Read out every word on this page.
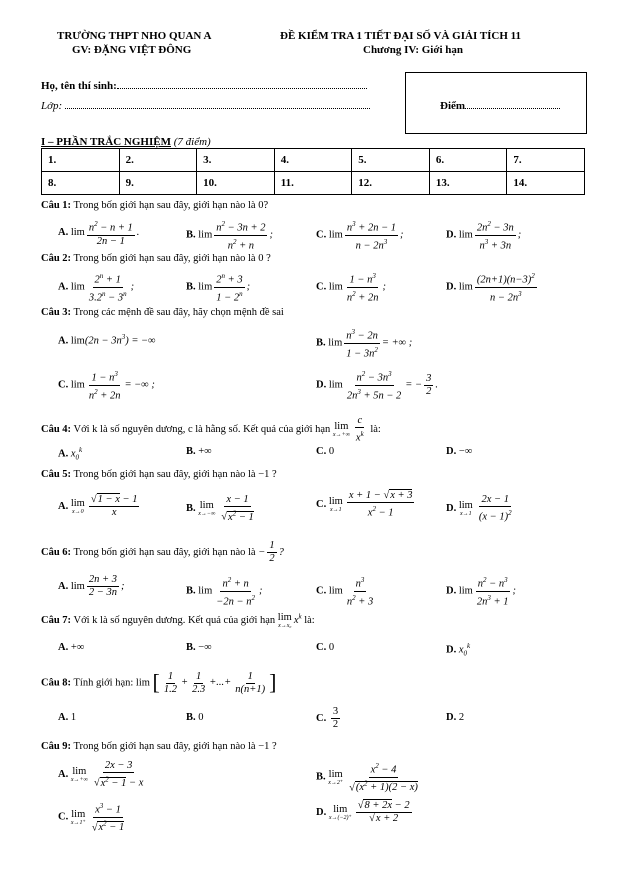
TRƯỜNG THPT NHO QUAN A
GV: ĐẶNG VIỆT ĐÔNG
ĐỀ KIỂM TRA 1 TIẾT ĐẠI SỐ VÀ GIẢI TÍCH 11
Chương IV: Giới hạn
Họ, tên thí sinh:
Lớp:	Điểm
I – PHẦN TRẮC NGHIỆM (7 điểm)
1.	2.	3.	4.	5.	6.	7.
8.	9.	10.	11.	12.	13.	14.
Câu 1: Trong bốn giới hạn sau đây, giới hạn nào là 0?
A. $\lim \frac{n^2 - n + 1}{2n - 1}$ .	B. $\lim \frac{n^2 - 3n + 2}{n^2 + n}$ ;	C. $\lim \frac{n^3 + 2n - 1}{n - 2n^3}$ ;	D. $\lim \frac{2n^2 - 3n}{n^3 + 3n}$ ;
Câu 2: Trong bốn giới hạn sau đây, giới hạn nào là 0 ?
A. $\lim \frac{2^n + 1}{3.2^n - 3^n}$ ;	B. $\lim \frac{2^n + 3}{1 - 2^n}$ ;	C. $\lim \frac{1 - n^3}{n^2 + 2n}$ ;	D. $\lim \frac{(2n+1)(n-3)^2}{n - 2n^3}$
Câu 3: Trong các mệnh đề sau đây, hãy chọn mệnh đề sai
A. $\lim(2n - 3n^3)$ = −∞	B. $\lim \frac{n^3 - 2n}{1 - 3n^2}$ = +∞ ;
C. $\lim \frac{1 - n^3}{n^2 + 2n}$ = −∞ ;	D. $\lim \frac{n^2 - 3n^3}{2n^3 + 5n - 2}$ = − $\frac{3}{2}$ .
Câu 4: Với k là số nguyên dương, c là hằng số. Kết quả của giới hạn lim
$x\to+\infty \frac{c}{x^k}$ là:
A. $x_0^k$	B. +∞	C. 0	D. −∞
Câu 5: Trong bốn giới hạn sau đây, giới hạn nào là −1 ?
A. lim
$x\to 0 \frac{√1 - x - 1}{x}$	B. lim
$x\to-\infty \frac{x - 1}{√x^2 - 1}$	C. lim
$x\to 1 \frac{x + 1 - √x + 3}{x^2 - 1}$	D. lim
$x\to 1 \frac{2x - 1}{(x - 1)^2}$
Câu 6: Trong bốn giới hạn sau đây, giới hạn nào là − $\frac{1}{2}$ ?
A. $\lim \frac{2n + 3}{2 - 3n}$ ;	B. $\lim \frac{n^2 + n}{-2n - n^2}$ ;	C. $\lim \frac{n^3}{n^2 + 3}$	D. $\lim \frac{n^2 - n^3}{2n^3 + 1}$ ;
Câu 7: Với k là số nguyên dương. Kết quả của giới hạn lim
x→x₀
$x^k$ là:
A. +∞	B. −∞	C. 0	D. $x_0^k$
Câu 8: Tính giới hạn: lim [ $\frac{1}{1.2} + \frac{1}{2.3}$ +...+ $\frac{1}{n(n+1)}$ ]
A. 1	B. 0	C. $\frac{3}{2}$	D. 2
Câu 9: Trong bốn giới hạn sau đây, giới hạn nào là −1 ?
A. lim
$x\to+\infty \frac{2x - 3}{√x^2 - 1 - x}$	B. lim
$x\to 2^+ \frac{x^2 - 4}{√(x^2 + 1)(2 - x)}$
C. lim
$x\to 1^+ \frac{x^3 - 1}{√x^2 - 1}$	D. lim
$x\to(-2)^+ \frac{√8 + 2x - 2}{√x + 2}$
